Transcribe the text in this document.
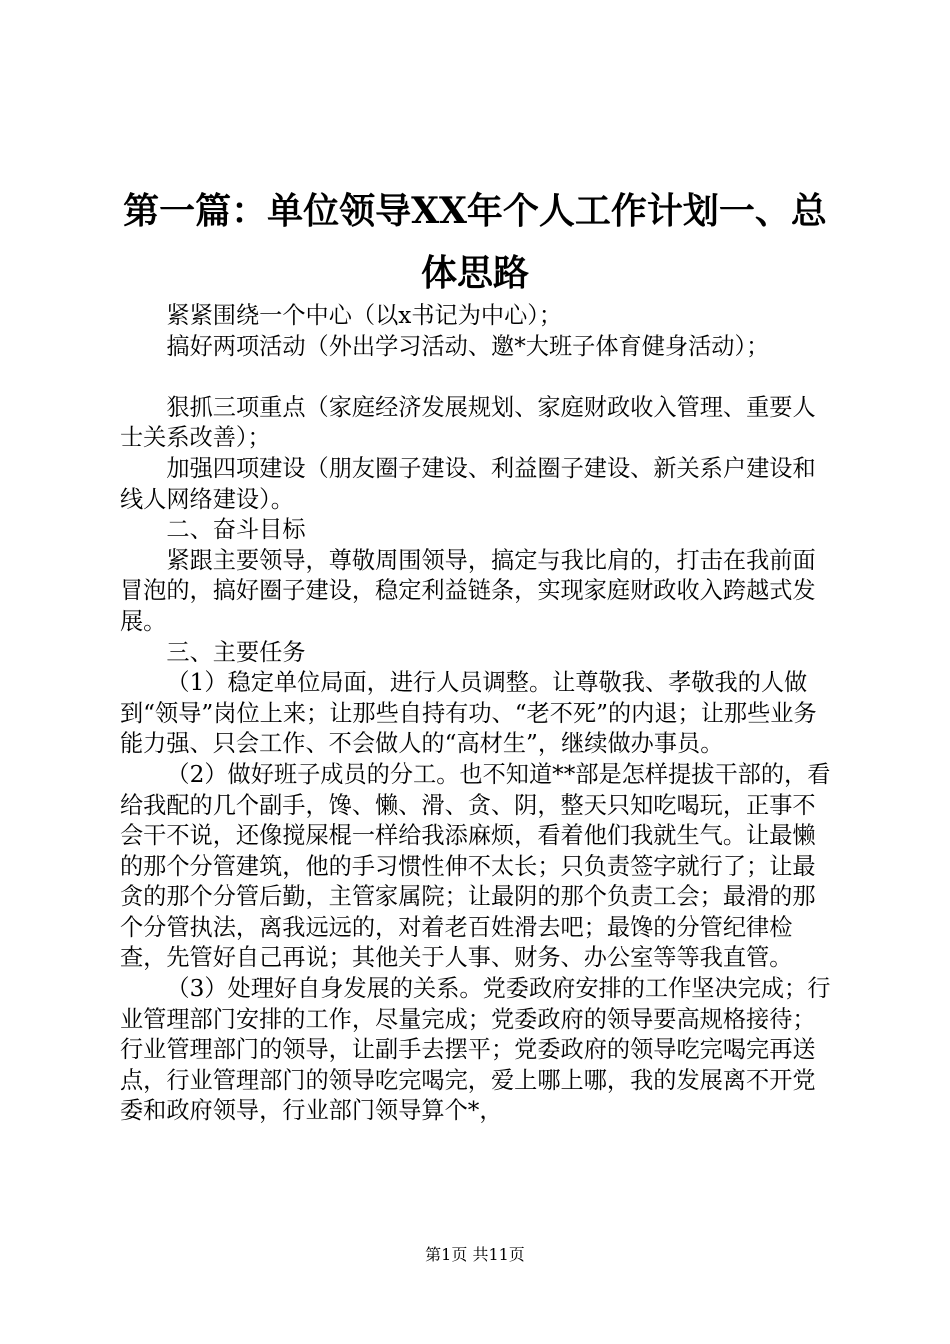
第一篇：单位领导XX年个人工作计划一、总体思路

紧紧围绕一个中心（以x书记为中心）；

搞好两项活动（外出学习活动、邀*大班子体育健身活动）；

狠抓三项重点（家庭经济发展规划、家庭财政收入管理、重要人士关系改善）；

加强四项建设（朋友圈子建设、利益圈子建设、新关系户建设和线人网络建设）。

二、奋斗目标

紧跟主要领导，尊敬周围领导，搞定与我比肩的，打击在我前面冒泡的，搞好圈子建设，稳定利益链条，实现家庭财政收入跨越式发展。

三、主要任务

（1）稳定单位局面，进行人员调整。让尊敬我、孝敬我的人做到“领导”岗位上来；让那些自持有功、“老不死”的内退；让那些业务能力强、只会工作、不会做人的“高材生”，继续做办事员。

（2）做好班子成员的分工。也不知道**部是怎样提拔干部的，看给我配的几个副手，馋、懒、滑、贪、阴，整天只知吃喝玩，正事不会干不说，还像搅屎棍一样给我添麻烦，看着他们我就生气。让最懒的那个分管建筑，他的手习惯性伸不太长；只负责签字就行了；让最贪的那个分管后勤，主管家属院；让最阴的那个负责工会；最滑的那个分管执法，离我远远的，对着老百姓滑去吧；最馋的分管纪律检查，先管好自己再说；其他关于人事、财务、办公室等等我直管。

（3）处理好自身发展的关系。党委政府安排的工作坚决完成；行业管理部门安排的工作，尽量完成；党委政府的领导要高规格接待；行业管理部门的领导，让副手去摆平；党委政府的领导吃完喝完再送点，行业管理部门的领导吃完喝完，爱上哪上哪，我的发展离不开党委和政府领导，行业部门领导算个*，

第1页 共11页
